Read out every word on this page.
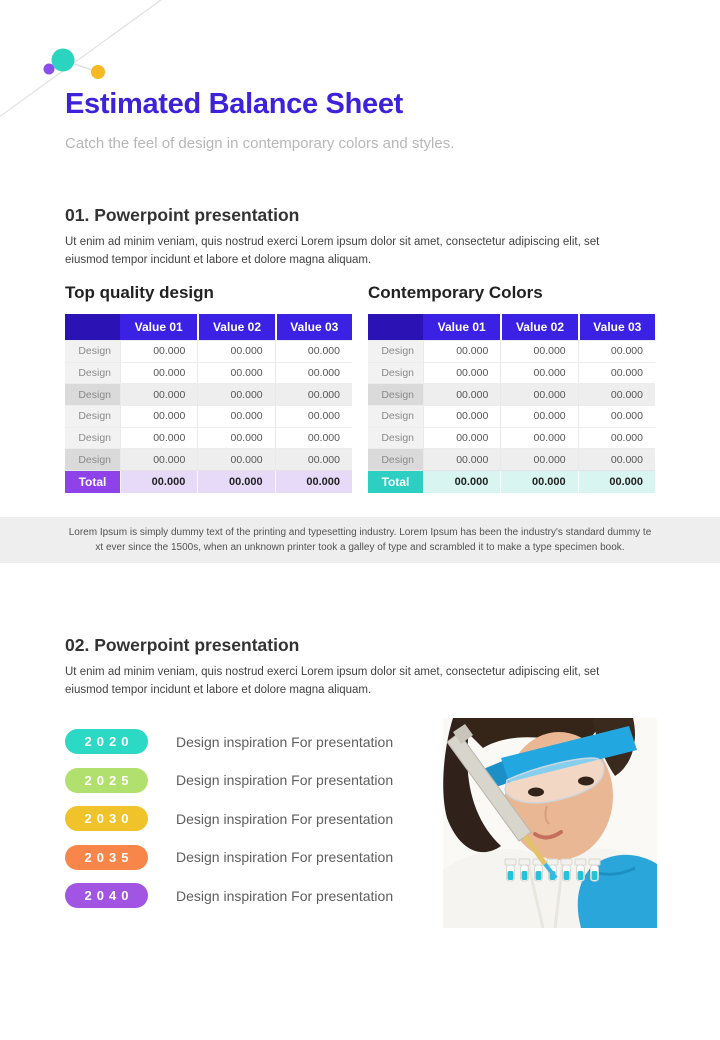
Estimated Balance Sheet
Catch the feel of design in contemporary colors and styles.
01. Powerpoint presentation
Ut enim ad minim veniam, quis nostrud exerci Lorem ipsum dolor sit amet, consectetur adipiscing elit, set eiusmod tempor incidunt et labore et dolore magna aliquam.
Top quality design
Value 01	Value 02	Value 03
Design	00.000	00.000	00.000
Design	00.000	00.000	00.000
Design	00.000	00.000	00.000
Design	00.000	00.000	00.000
Design	00.000	00.000	00.000
Design	00.000	00.000	00.000
Total	00.000	00.000	00.000
Contemporary Colors
Value 01	Value 02	Value 03
Design	00.000	00.000	00.000
Design	00.000	00.000	00.000
Design	00.000	00.000	00.000
Design	00.000	00.000	00.000
Design	00.000	00.000	00.000
Design	00.000	00.000	00.000
Total	00.000	00.000	00.000
Lorem Ipsum is simply dummy text of the printing and typesetting industry. Lorem Ipsum has been the industry's standard dummy te
xt ever since the 1500s, when an unknown printer took a galley of type and scrambled it to make a type specimen book.
02. Powerpoint presentation
Ut enim ad minim veniam, quis nostrud exerci Lorem ipsum dolor sit amet, consectetur adipiscing elit, set eiusmod tempor incidunt et labore et dolore magna aliquam.
2020	Design inspiration For presentation
2025	Design inspiration For presentation
2030	Design inspiration For presentation
2035	Design inspiration For presentation
2040	Design inspiration For presentation
